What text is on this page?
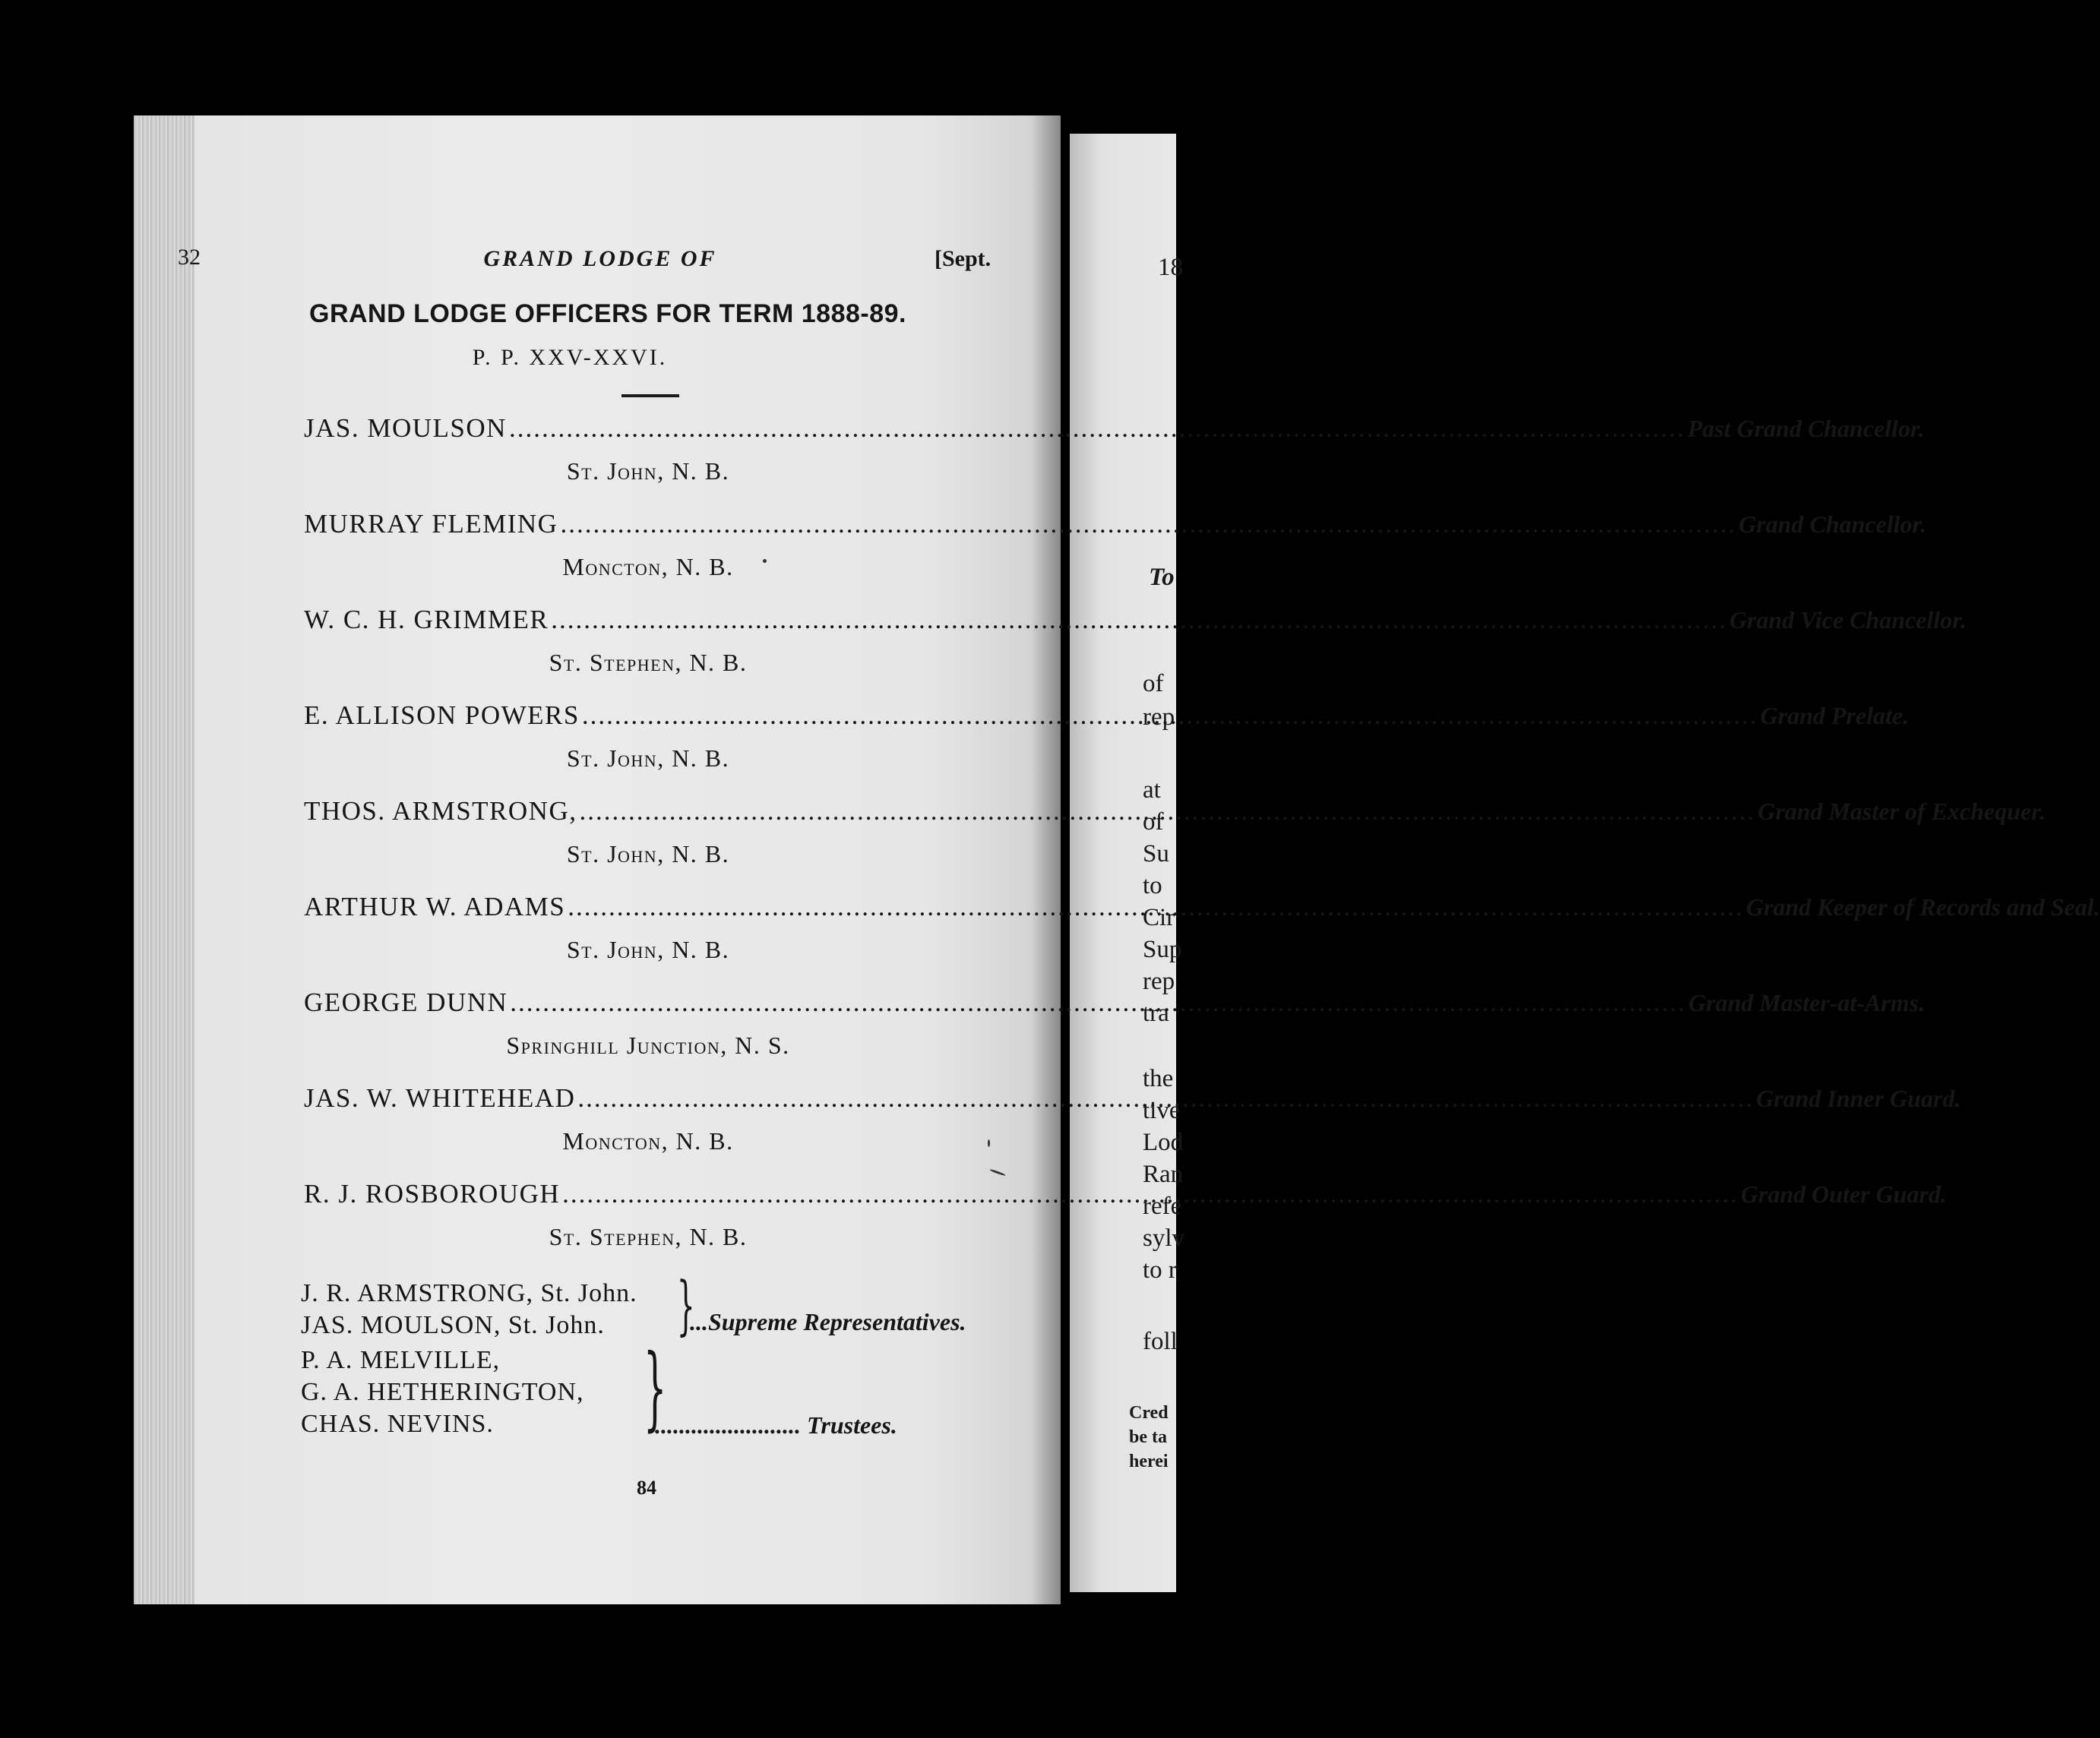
18
To
of
rep
at
of
Su
to
Cir
Sup
rep
tra
the
tive
Lod
Ran
refe
sylv
to r
foll
Cred
be ta
herei
32	GRAND LODGE OF	[Sept.
GRAND LODGE OFFICERS FOR TERM 1888-89.
P. P. XXV-XXVI.
JAS. MOULSON .....	Past Grand Chancellor.
St. John, N. B.
MURRAY FLEMING .....	Grand Chancellor.
Moncton, N. B.
W. C. H. GRIMMER .....	Grand Vice Chancellor.
St. Stephen, N. B.
E. ALLISON POWERS .....	Grand Prelate.
St. John, N. B.
THOS. ARMSTRONG, .....	Grand Master of Exchequer.
St. John, N. B.
ARTHUR W. ADAMS .....	Grand Keeper of Records and Seal.
St. John, N. B.
GEORGE DUNN .....	Grand Master-at-Arms.
Springhill Junction, N. S.
JAS. W. WHITEHEAD .....	Grand Inner Guard.
Moncton, N. B.
R. J. ROSBOROUGH .....	Grand Outer Guard.
St. Stephen, N. B.
J. R. ARMSTRONG, St. John.
JAS. MOULSON, St. John.	}
...Supreme Representatives.
P. A. MELVILLE,
G. A. HETHERINGTON,
CHAS. NEVINS.	}
........................ Trustees.
84
